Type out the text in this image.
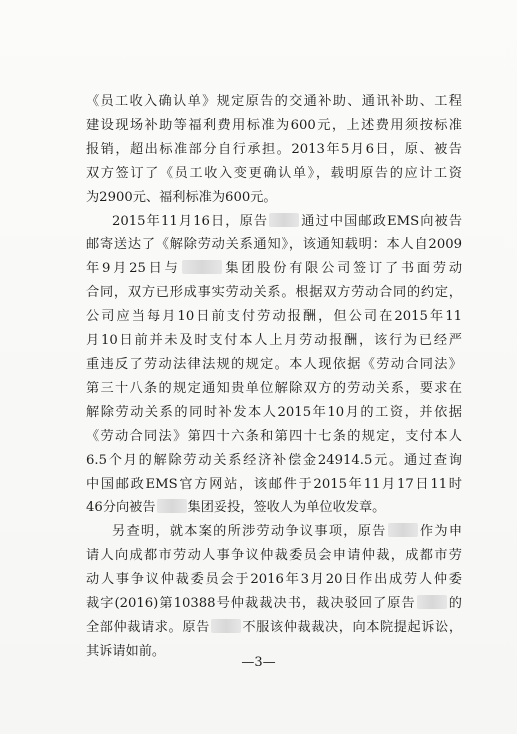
《员工收入确认单》规定原告的交通补助、通讯补助、工程
建设现场补助等福利费用标准为600元，上述费用须按标准
报销，超出标准部分自行承担。2013年5月6日，原、被告
双方签订了《员工收入变更确认单》，载明原告的应计工资
为2900元、福利标准为600元。
2015年11月16日，原告 通过中国邮政EMS向被告
邮寄送达了《解除劳动关系通知》，该通知载明：本人自2009
年9月25日与	集团股份有限公司签订了书面劳动
合同，双方已形成事实劳动关系。根据双方劳动合同的约定，
公司应当每月10日前支付劳动报酬，但公司在2015年11
月10日前并未及时支付本人上月劳动报酬，该行为已经严
重违反了劳动法律法规的规定。本人现依据《劳动合同法》
第三十八条的规定通知贵单位解除双方的劳动关系，要求在
解除劳动关系的同时补发本人2015年10月的工资，并依据
《劳动合同法》第四十六条和第四十七条的规定，支付本人
6.5个月的解除劳动关系经济补偿金24914.5元。通过查询
中国邮政EMS官方网站，该邮件于2015年11月17日11时
46分向被告 集团妥投，签收人为单位收发章。
另查明，就本案的所涉劳动争议事项，原告 作为申
请人向成都市劳动人事争议仲裁委员会申请仲裁，成都市劳
动人事争议仲裁委员会于2016年3月20日作出成劳人仲委
裁字(2016)第10388号仲裁裁决书，裁决驳回了原告 的
全部仲裁请求。原告 不服该仲裁裁决，向本院提起诉讼，
其诉请如前。
—3—
